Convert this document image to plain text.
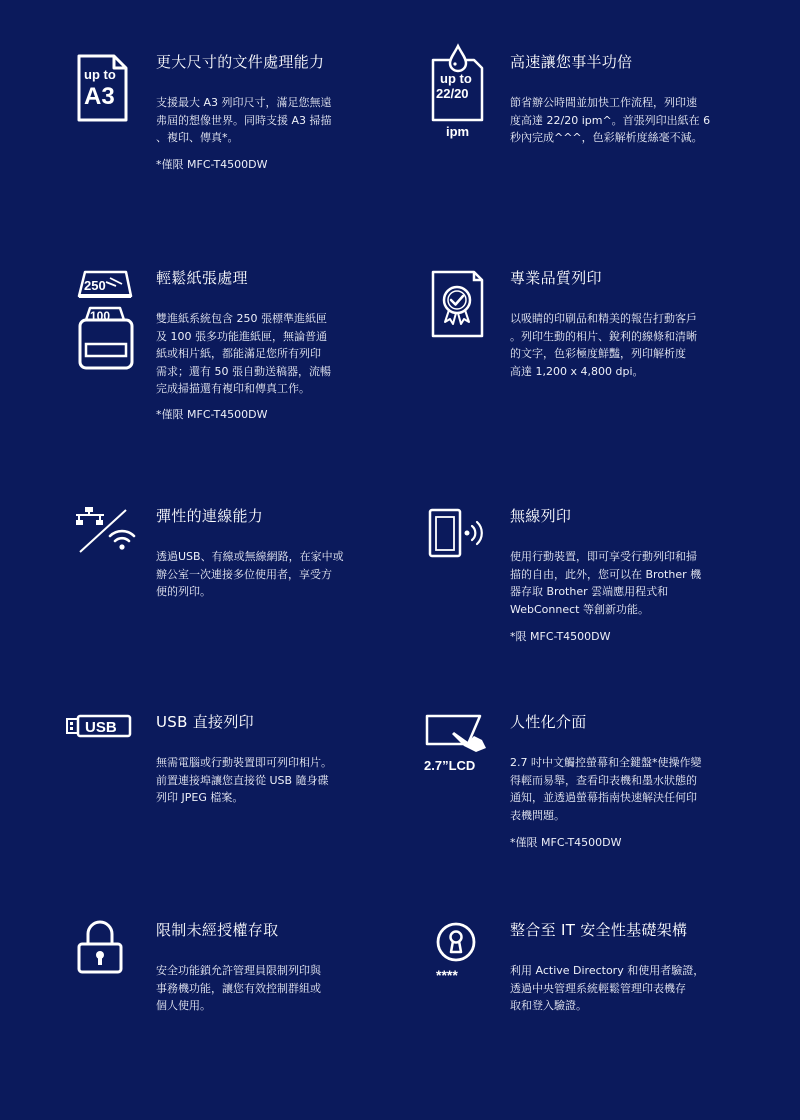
up to
A3
更大尺寸的文件處理能力

支援最大 A3 列印尺寸，滿足您無遠

弗屆的想像世界。同時支援 A3 掃描

、複印、傳真*。

*僅限 MFC-T4500DW
up to
22/20
ipm
高速讓您事半功倍

節省辦公時間並加快工作流程，列印速

度高達 22/20 ipm^。首張列印出紙在 6

秒內完成^^^，色彩解析度絲毫不減。

250
100
輕鬆紙張處理

雙進紙系統包含 250 張標準進紙匣

及 100 張多功能進紙匣，無論普通

紙或相片紙，都能滿足您所有列印

需求；還有 50 張自動送稿器，流暢

完成掃描還有複印和傳真工作。

*僅限 MFC-T4500DW
專業品質列印

以吸睛的印刷品和精美的報告打動客戶

。列印生動的相片、銳利的線條和清晰

的文字，色彩極度鮮豔，列印解析度

高達 1,200 x 4,800 dpi。

彈性的連線能力

透過USB、有線或無線網路，在家中或

辦公室一次連接多位使用者，享受方

便的列印。

無線列印

使用行動裝置，即可享受行動列印和掃

描的自由，此外，您可以在 Brother 機

器存取 Brother 雲端應用程式和

WebConnect 等創新功能。

*限 MFC-T4500DW
USB	USB 直接列印

無需電腦或行動裝置即可列印相片。

前置連接埠讓您直接從 USB 隨身碟

列印 JPEG 檔案。

2.7”LCD
人性化介面

2.7 吋中文觸控螢幕和全鍵盤*使操作變

得輕而易舉，查看印表機和墨水狀態的

通知，並透過螢幕指南快速解決任何印

表機問題。

*僅限 MFC-T4500DW
限制未經授權存取

安全功能鎖允許管理員限制列印與

事務機功能，讓您有效控制群組或

個人使用。

****
整合至 IT 安全性基礎架構

利用 Active Directory 和使用者驗證，

透過中央管理系統輕鬆管理印表機存

取和登入驗證。
